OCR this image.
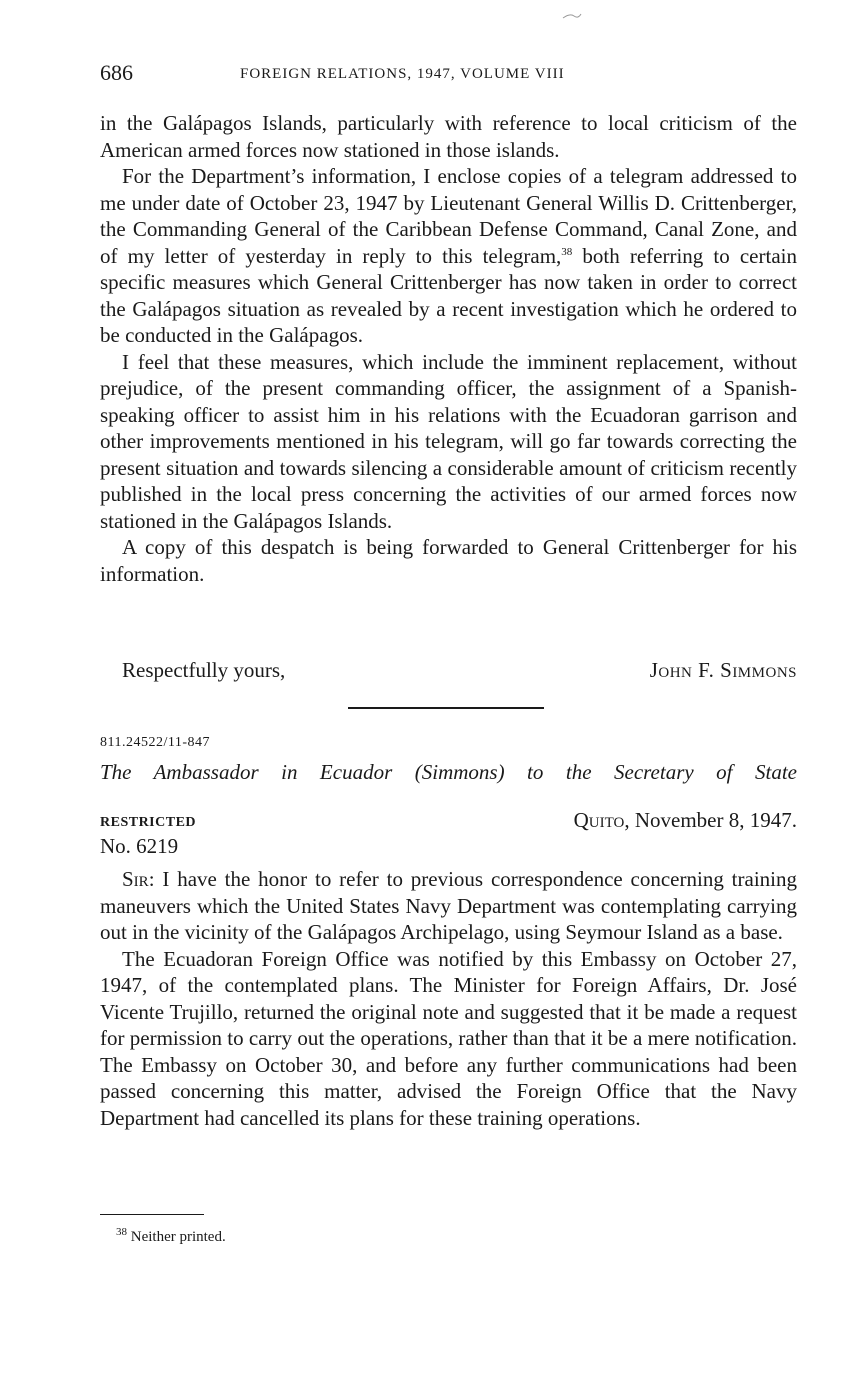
686	FOREIGN RELATIONS, 1947, VOLUME VIII

in the Galápagos Islands, particularly with reference to local criticism of the American armed forces now stationed in those islands.

For the Department’s information, I enclose copies of a telegram addressed to me under date of October 23, 1947 by Lieutenant General Willis D. Crittenberger, the Commanding General of the Caribbean Defense Command, Canal Zone, and of my letter of yesterday in reply to this telegram,$^{38}$ both referring to certain specific measures which General Crittenberger has now taken in order to correct the Galápagos situation as revealed by a recent investigation which he ordered to be conducted in the Galápagos.

I feel that these measures, which include the imminent replacement, without prejudice, of the present commanding officer, the assignment of a Spanish-speaking officer to assist him in his relations with the Ecuadoran garrison and other improvements mentioned in his telegram, will go far towards correcting the present situation and towards silencing a considerable amount of criticism recently published in the local press concerning the activities of our armed forces now stationed in the Galápagos Islands.

A copy of this despatch is being forwarded to General Crittenberger for his information.

Respectfully yours,	John F. Simmons
811.24522/11-847
The Ambassador in Ecuador (Simmons) to the Secretary of State
RESTRICTED	Quito, November 8, 1947.
No. 6219

Sir: I have the honor to refer to previous correspondence concerning training maneuvers which the United States Navy Department was contemplating carrying out in the vicinity of the Galápagos Archipelago, using Seymour Island as a base.

The Ecuadoran Foreign Office was notified by this Embassy on October 27, 1947, of the contemplated plans. The Minister for Foreign Affairs, Dr. José Vicente Trujillo, returned the original note and suggested that it be made a request for permission to carry out the operations, rather than that it be a mere notification. The Embassy on October 30, and before any further communications had been passed concerning this matter, advised the Foreign Office that the Navy Department had cancelled its plans for these training operations.

$^{38}$ Neither printed.
